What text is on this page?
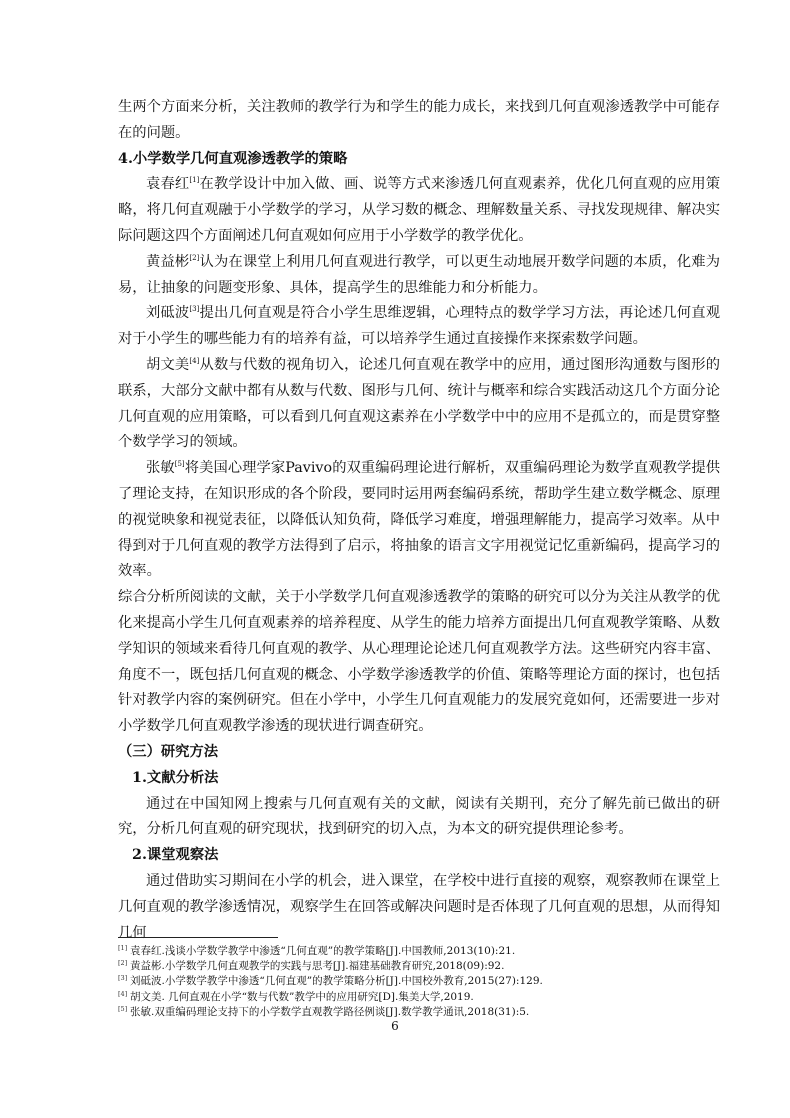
生两个方面来分析，关注教师的教学行为和学生的能力成长，来找到几何直观渗透教学中可能存在的问题。

4.小学数学几何直观渗透教学的策略

袁春红[1]在教学设计中加入做、画、说等方式来渗透几何直观素养，优化几何直观的应用策略，将几何直观融于小学数学的学习，从学习数的概念、理解数量关系、寻找发现规律、解决实际问题这四个方面阐述几何直观如何应用于小学数学的教学优化。

黄益彬[2]认为在课堂上利用几何直观进行教学，可以更生动地展开数学问题的本质，化难为易，让抽象的问题变形象、具体，提高学生的思维能力和分析能力。

刘砥波[3]提出几何直观是符合小学生思维逻辑，心理特点的数学学习方法，再论述几何直观对于小学生的哪些能力有的培养有益，可以培养学生通过直接操作来探索数学问题。

胡文美[4]从数与代数的视角切入，论述几何直观在教学中的应用，通过图形沟通数与图形的联系，大部分文献中都有从数与代数、图形与几何、统计与概率和综合实践活动这几个方面分论几何直观的应用策略，可以看到几何直观这素养在小学数学中中的应用不是孤立的，而是贯穿整个数学学习的领域。

张敏[5]将美国心理学家Pavivo的双重编码理论进行解析，双重编码理论为数学直观教学提供了理论支持，在知识形成的各个阶段，要同时运用两套编码系统，帮助学生建立数学概念、原理的视觉映象和视觉表征，以降低认知负荷，降低学习难度，增强理解能力，提高学习效率。从中得到对于几何直观的教学方法得到了启示，将抽象的语言文字用视觉记忆重新编码，提高学习的效率。

综合分析所阅读的文献，关于小学数学几何直观渗透教学的策略的研究可以分为关注从教学的优化来提高小学生几何直观素养的培养程度、从学生的能力培养方面提出几何直观教学策略、从数学知识的领域来看待几何直观的教学、从心理理论论述几何直观教学方法。这些研究内容丰富、角度不一，既包括几何直观的概念、小学数学渗透教学的价值、策略等理论方面的探讨，也包括针对教学内容的案例研究。但在小学中，小学生几何直观能力的发展究竟如何，还需要进一步对小学数学几何直观教学渗透的现状进行调查研究。

（三）研究方法

1.文献分析法

通过在中国知网上搜索与几何直观有关的文献，阅读有关期刊，充分了解先前已做出的研究，分析几何直观的研究现状，找到研究的切入点，为本文的研究提供理论参考。

2.课堂观察法

通过借助实习期间在小学的机会，进入课堂，在学校中进行直接的观察，观察教师在课堂上几何直观的教学渗透情况，观察学生在回答或解决问题时是否体现了几何直观的思想，从而得知几何

[1] 袁春红.浅谈小学数学教学中渗透“几何直观”的教学策略[J].中国教师,2013(10):21.

[2] 黄益彬.小学数学几何直观教学的实践与思考[J].福建基础教育研究,2018(09):92.

[3] 刘砥波.小学数学教学中渗透“几何直观”的教学策略分析[J].中国校外教育,2015(27):129.

[4] 胡文美. 几何直观在小学“数与代数”教学中的应用研究[D].集美大学,2019.

[5] 张敏.双重编码理论支持下的小学数学直观教学路径例谈[J].数学教学通讯,2018(31):5.

6
